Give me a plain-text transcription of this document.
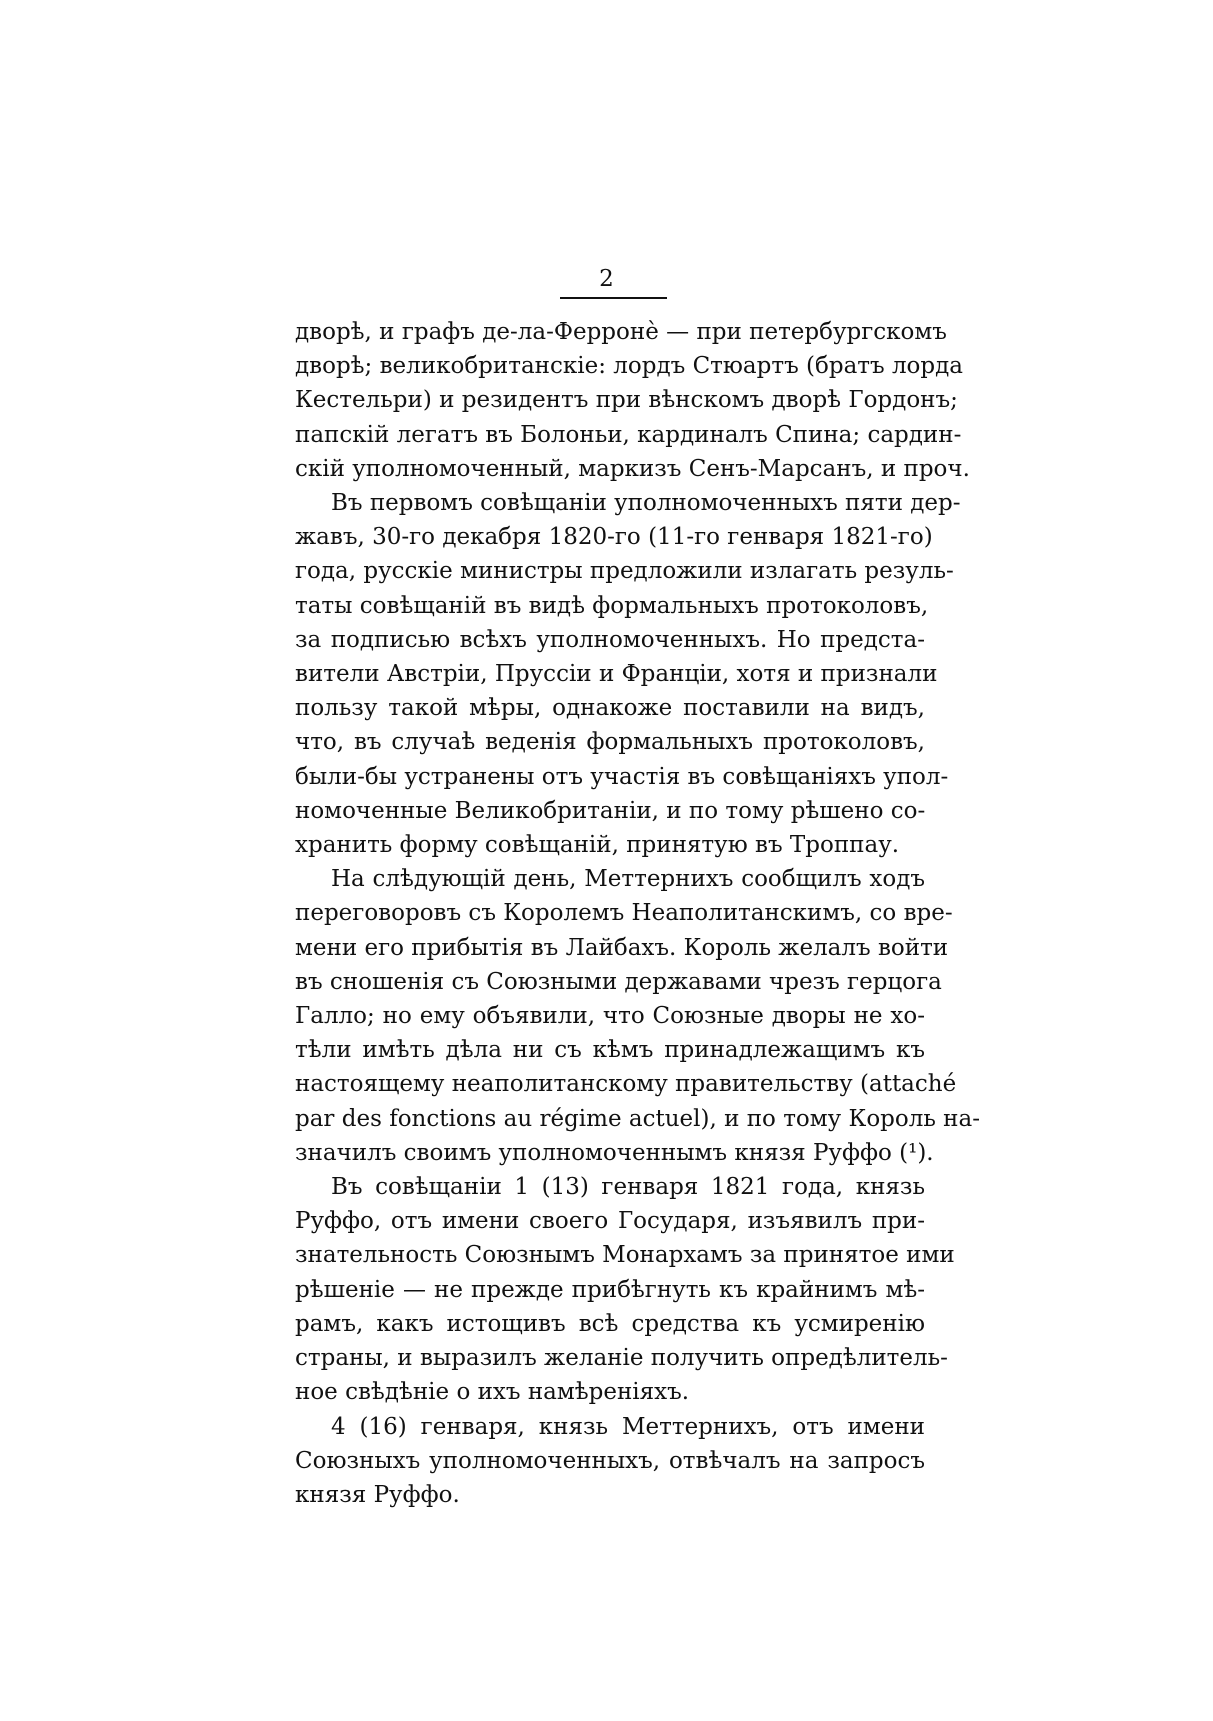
2
дворѣ, и графъ де-ла-Ферронѐ — при петербургскомъ
дворѣ; великобританскіе: лордъ Стюартъ (братъ лорда
Кестельри) и резидентъ при вѣнскомъ дворѣ Гордонъ;
папскій легатъ въ Болоньи, кардиналъ Спина; сардин-
скій уполномоченный, маркизъ Сенъ-Марсанъ, и проч.
Въ первомъ совѣщаніи уполномоченныхъ пяти дер-
жавъ, 30-го декабря 1820-го (11-го генваря 1821-го)
года, русскіе министры предложили излагать резуль-
таты совѣщаній въ видѣ формальныхъ протоколовъ,
за подписью всѣхъ уполномоченныхъ. Но предста-
вители Австріи, Пруссіи и Франціи, хотя и признали
пользу такой мѣры, однакоже поставили на видъ,
что, въ случаѣ веденія формальныхъ протоколовъ,
были-бы устранены отъ участія въ совѣщаніяхъ упол-
номоченные Великобританіи, и по тому рѣшено со-
хранить форму совѣщаній, принятую въ Троппау.
На слѣдующій день, Меттернихъ сообщилъ ходъ
переговоровъ съ Королемъ Неаполитанскимъ, со вре-
мени его прибытія въ Лайбахъ. Король желалъ войти
въ сношенія съ Союзными державами чрезъ герцога
Галло; но ему объявили, что Союзные дворы не хо-
тѣли имѣть дѣла ни съ кѣмъ принадлежащимъ къ
настоящему неаполитанскому правительству (attaché
par des fonctions au régime actuel), и по тому Король на-
значилъ своимъ уполномоченнымъ князя Руффо (¹).
Въ совѣщаніи 1 (13) генваря 1821 года, князь
Руффо, отъ имени своего Государя, изъявилъ при-
знательность Союзнымъ Монархамъ за принятое ими
рѣшеніе — не прежде прибѣгнуть къ крайнимъ мѣ-
рамъ, какъ истощивъ всѣ средства къ усмиренію
страны, и выразилъ желаніе получить опредѣлитель-
ное свѣдѣніе о ихъ намѣреніяхъ.
4 (16) генваря, князь Меттернихъ, отъ имени
Союзныхъ уполномоченныхъ, отвѣчалъ на запросъ
князя Руффо.
